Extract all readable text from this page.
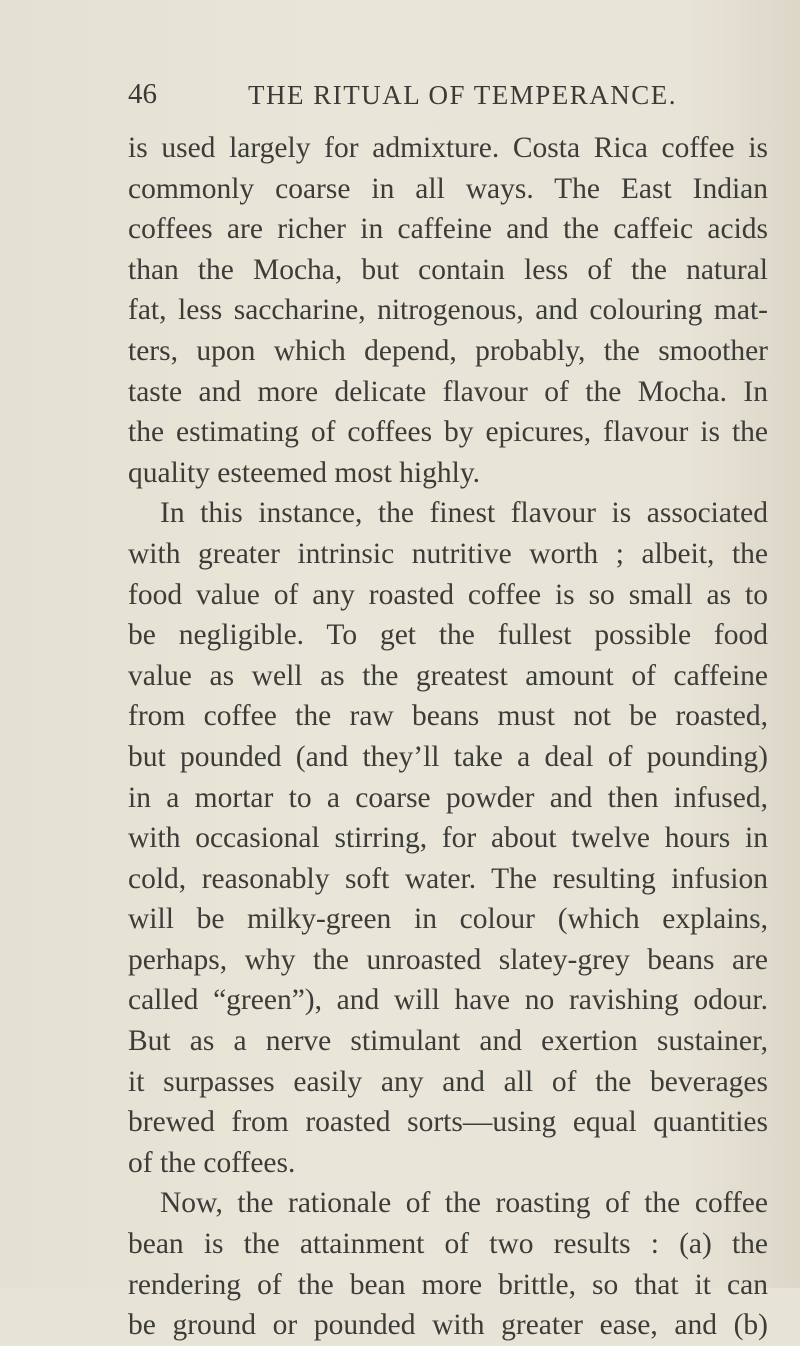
46	THE RITUAL OF TEMPERANCE.
is used largely for admixture. Costa Rica coffee is
commonly coarse in all ways. The East Indian
coffees are richer in caffeine and the caffeic acids
than the Mocha, but contain less of the natural
fat, less saccharine, nitrogenous, and colouring mat-
ters, upon which depend, probably, the smoother
taste and more delicate flavour of the Mocha. In
the estimating of coffees by epicures, flavour is the
quality esteemed most highly.
In this instance, the finest flavour is associated
with greater intrinsic nutritive worth ; albeit, the
food value of any roasted coffee is so small as to
be negligible. To get the fullest possible food
value as well as the greatest amount of caffeine
from coffee the raw beans must not be roasted,
but pounded (and they’ll take a deal of pounding)
in a mortar to a coarse powder and then infused,
with occasional stirring, for about twelve hours in
cold, reasonably soft water. The resulting infusion
will be milky-green in colour (which explains,
perhaps, why the unroasted slatey-grey beans are
called “green”), and will have no ravishing odour.
But as a nerve stimulant and exertion sustainer,
it surpasses easily any and all of the beverages
brewed from roasted sorts—using equal quantities
of the coffees.
Now, the rationale of the roasting of the coffee
bean is the attainment of two results : (a) the
rendering of the bean more brittle, so that it can
be ground or pounded with greater ease, and (b)
